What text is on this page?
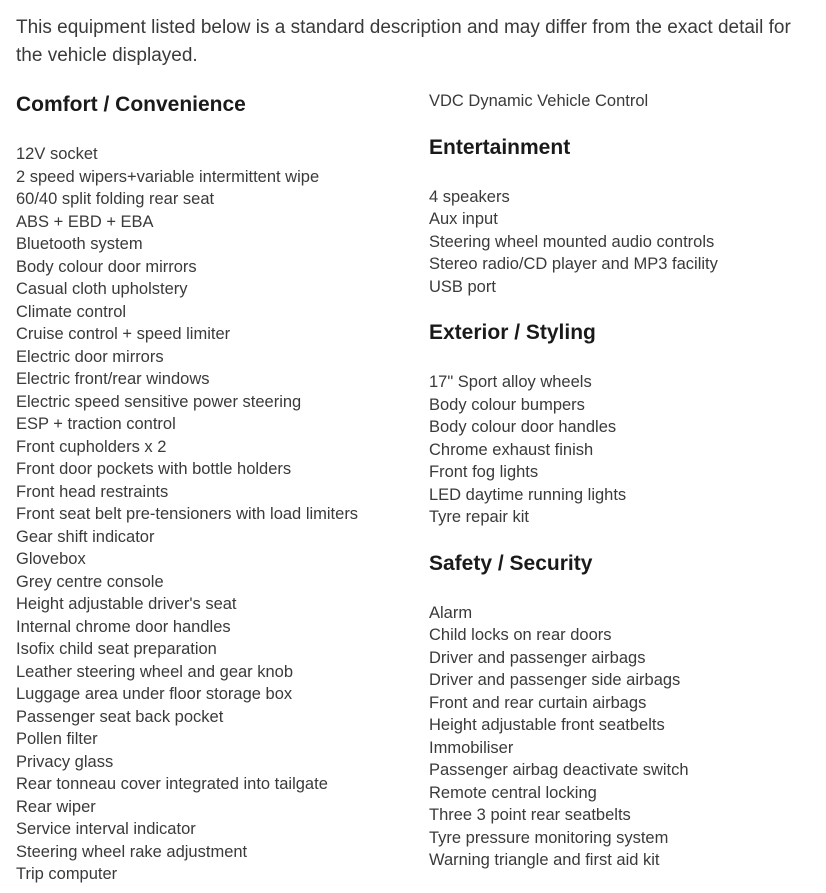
This equipment listed below is a standard description and may differ from the exact detail for the vehicle displayed.

Comfort / Convenience
12V socket
2 speed wipers+variable intermittent wipe
60/40 split folding rear seat
ABS + EBD + EBA
Bluetooth system
Body colour door mirrors
Casual cloth upholstery
Climate control
Cruise control + speed limiter
Electric door mirrors
Electric front/rear windows
Electric speed sensitive power steering
ESP + traction control
Front cupholders x 2
Front door pockets with bottle holders
Front head restraints
Front seat belt pre-tensioners with load limiters
Gear shift indicator
Glovebox
Grey centre console
Height adjustable driver's seat
Internal chrome door handles
Isofix child seat preparation
Leather steering wheel and gear knob
Luggage area under floor storage box
Passenger seat back pocket
Pollen filter
Privacy glass
Rear tonneau cover integrated into tailgate
Rear wiper
Service interval indicator
Steering wheel rake adjustment
Trip computer
VDC Dynamic Vehicle Control
Entertainment
4 speakers
Aux input
Steering wheel mounted audio controls
Stereo radio/CD player and MP3 facility
USB port
Exterior / Styling
17" Sport alloy wheels
Body colour bumpers
Body colour door handles
Chrome exhaust finish
Front fog lights
LED daytime running lights
Tyre repair kit
Safety / Security
Alarm
Child locks on rear doors
Driver and passenger airbags
Driver and passenger side airbags
Front and rear curtain airbags
Height adjustable front seatbelts
Immobiliser
Passenger airbag deactivate switch
Remote central locking
Three 3 point rear seatbelts
Tyre pressure monitoring system
Warning triangle and first aid kit
